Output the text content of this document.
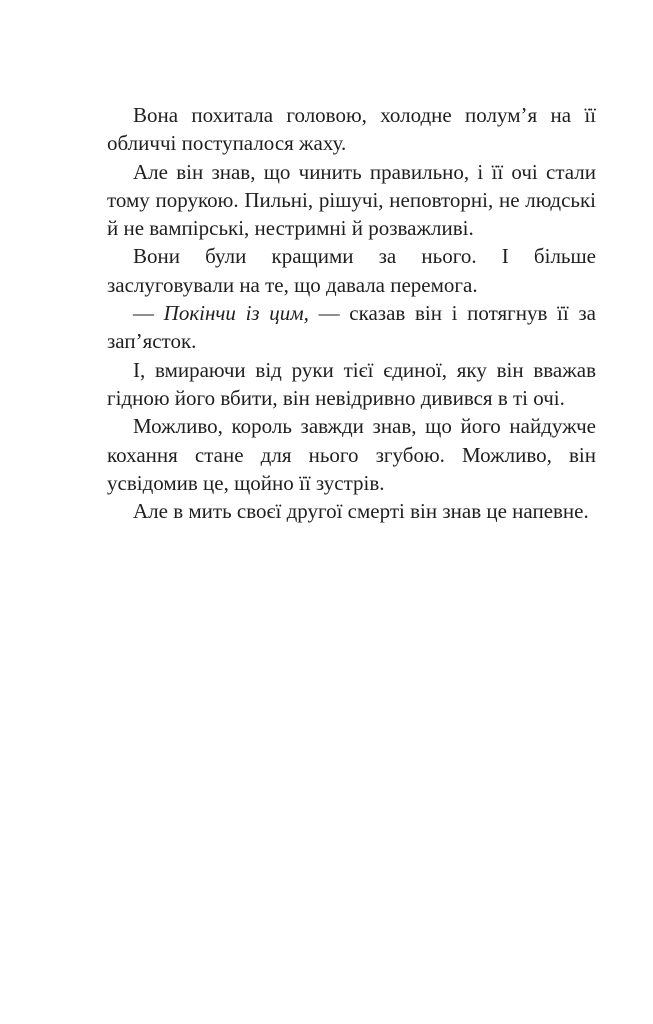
Вона похитала головою, холодне полум’я на її обличчі поступалося жаху.

Але він знав, що чинить правильно, і її очі стали тому порукою. Пильні, рішучі, неповторні, не людські й не вампірські, нестримні й розважливі.

Вони були кращими за нього. І більше заслуговували на те, що давала перемога.

— Покінчи із цим, — сказав він і потягнув її за зап’ясток.

І, вмираючи від руки тієї єдиної, яку він вважав гідною його вбити, він невідривно дивився в ті очі.

Можливо, король завжди знав, що його найдужче кохання стане для нього згубою. Можливо, він усвідомив це, щойно її зустрів.

Але в мить своєї другої смерті він знав це напевне.
